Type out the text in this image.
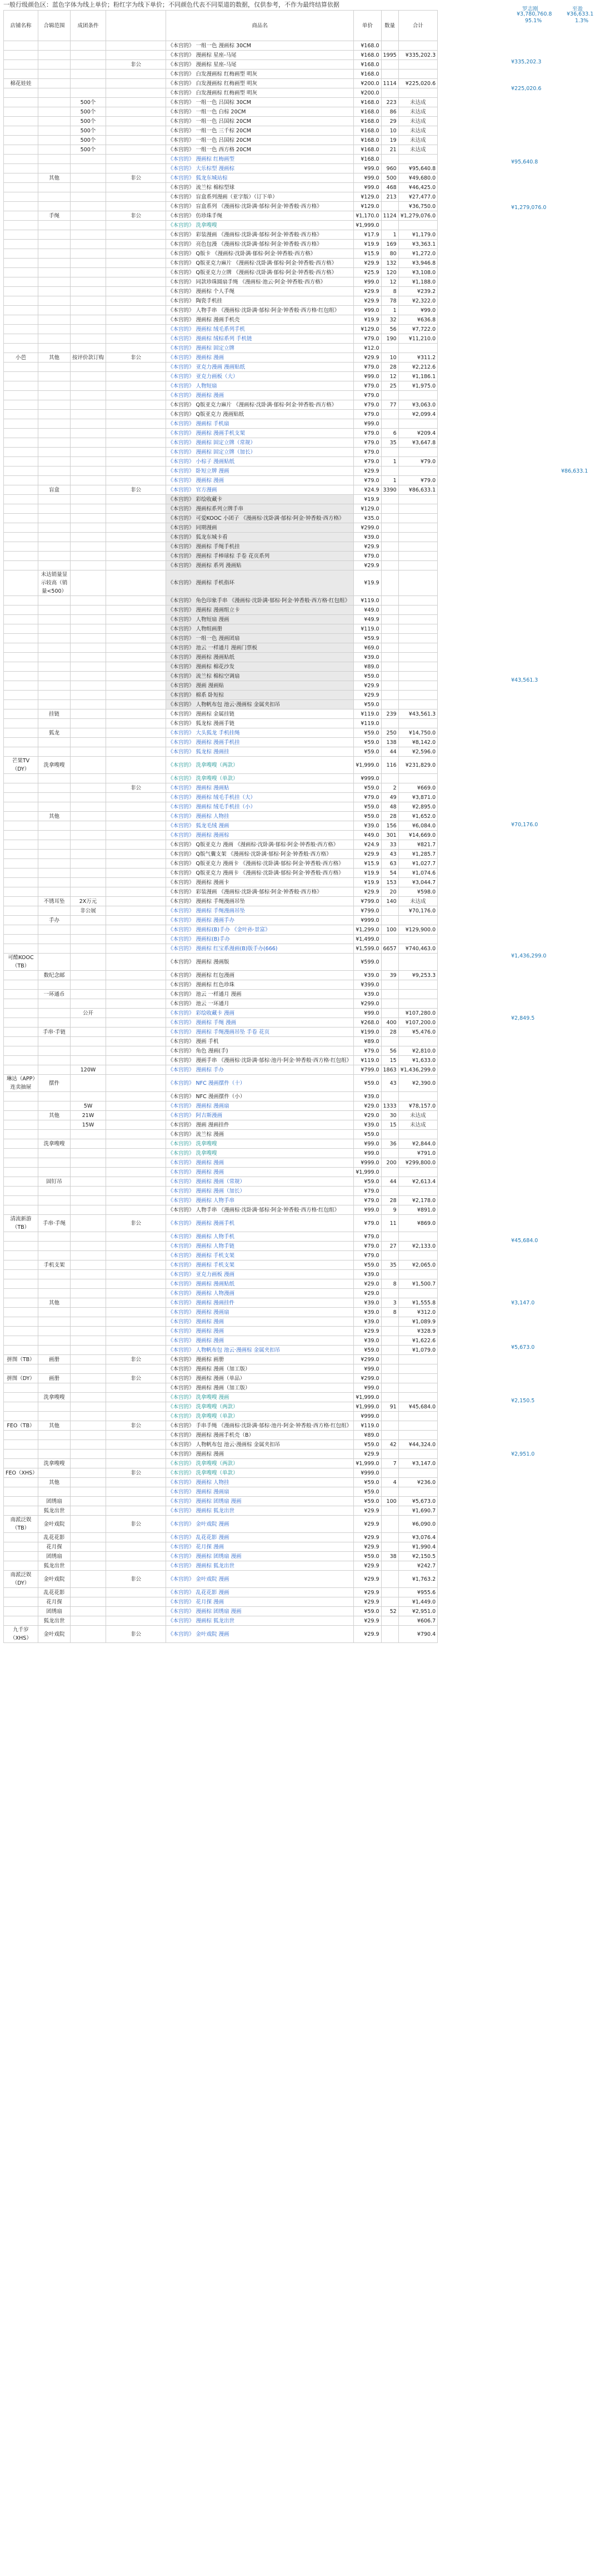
一般行级颜色区：蓝色字体为线上单价；粉红字为线下单价；不同颜色代表不同渠道的数据，仅供参考，不作为最终结算依据
店铺名称	合辑范围	成团条件		商品名	单价	数量	合计
				《本宫的》 一组一色 漫画棕 30CM	¥168.0		
				《本宫的》 漫画棕 星座-马尾	¥168.0	1995	¥335,202.3
			非公	《本宫的》 漫画棕 星座-马尾	¥168.0		
				《本宫的》 白发漫画棕 红梅画型 明灰	¥168.0		
棉花娃娃				《本宫的》 白发漫画棕 红梅画型 明灰	¥200.0	1114	¥225,020.6
				《本宫的》 白发漫画棕 红梅画型 明灰	¥200.0		
		500个		《本宫的》 一组一色 吕国棕 30CM	¥168.0	223	未达成
		500个		《本宫的》 一组一色 白棕 20CM	¥168.0	86	未达成
		500个		《本宫的》 一组一色 吕国棕 20CM	¥168.0	29	未达成
		500个		《本宫的》 一组一色 三千棕 20CM	¥168.0	10	未达成
		500个		《本宫的》 一组一色 吕国棕 20CM	¥168.0	19	未达成
		500个		《本宫的》 一组一色 西方格 20CM	¥168.0	21	未达成
				《本宫的》 漫画棕 红梅画型	¥168.0		
				《本宫的》 大乐棕型 漫画棕	¥99.0	960	¥95,640.8
	其他		非公	《本宫的》 狐龙东城站棕	¥99.0	500	¥49,680.0
				《本宫的》 流兰棕 棉棕型球	¥99.0	468	¥46,425.0
				《本宫的》 盲盒系列漫画（亚字版）（订下单）	¥129.0	213	¥27,477.0
				《本宫的》 盲盒系列 《漫画棕·沈卧满·郁棕·阿金·钟香般·西方格》	¥129.0		¥36,750.0
	手绳		非公	《本宫的》 仿珍珠手绳	¥1,170.0	1124	¥1,279,076.0
				《本宫的》 洗拿嗖嗖	¥1,999.0		
				《本宫的》 彩装漫画 《漫画棕·沈卧满·郁棕·阿金·钟香般·西方格》	¥17.9	1	¥1,179.0
				《本宫的》 亮色包漫 《漫画棕·沈卧满·郁棕·阿金·钟香般·西方格》	¥19.9	169	¥3,363.1
				《本宫的》 Q版卡 《漫画棕·沈卧满·郁棕·阿金·钟香般·西方格》	¥15.9	80	¥1,272.0
				《本宫的》 Q版亚克力麻片 《漫画棕·沈卧满·郁棕·阿金·钟香般·西方格》	¥29.9	132	¥3,946.8
				《本宫的》 Q版亚克力立牌 《漫画棕·沈卧满·郁棕·阿金·钟香般·西方格》	¥25.9	120	¥3,108.0
				《本宫的》 同款珍珠圆扇手绳 《漫画棕·池云·阿金·钟香般·西方格》	¥99.0	12	¥1,188.0
				《本宫的》 漫画棕 个人手绳	¥29.9	8	¥239.2
				《本宫的》 陶瓷手机挂	¥29.9	78	¥2,322.0
				《本宫的》 人物手串 《漫画棕·沈卧满·郁棕·阿金·钟香般·西方格·红包组》	¥99.0	1	¥99.0
				《本宫的》 漫画棕 漫画手机壳	¥19.9	32	¥636.8
				《本宫的》 漫画棕 绒毛系列手机	¥129.0	56	¥7,722.0
				《本宫的》 漫画棕 绒棕系列 手机链	¥79.0	190	¥11,210.0
				《本宫的》 漫画棕 固定立牌	¥12.0		
小芭	其他	按评价款订购	非公	《本宫的》 漫画棕 漫画	¥29.9	10	¥311.2
				《本宫的》 亚克力漫画 漫画贴纸	¥79.0	28	¥2,212.6
				《本宫的》 亚克力画板（大）	¥99.0	12	¥1,186.1
				《本宫的》 人物短扇	¥79.0	25	¥1,975.0
				《本宫的》 漫画棕 漫画	¥79.0		
				《本宫的》 Q版亚克力麻片 《漫画棕·沈卧满·郁棕·阿金·钟香般·西方格》	¥79.0	77	¥3,063.0
				《本宫的》 Q版亚克力 漫画贴纸	¥79.0		¥2,099.4
				《本宫的》 漫画棕 手机扇	¥99.0		
				《本宫的》 漫画棕 漫画手机支架	¥79.0	6	¥209.4
				《本宫的》 漫画棕 固定立牌（常规）	¥79.0	35	¥3,647.8
				《本宫的》 漫画棕 固定立牌（加长）	¥79.0		
				《本宫的》 小棕子 漫画贴纸	¥79.0	1	¥79.0
				《本宫的》 卧短立牌 漫画	¥29.9		
				《本宫的》 漫画棕 漫画	¥79.0	1	¥79.0
	盲盒		非公	《本宫的》 官方漫画	¥24.9	3390	¥86,633.1
				《本宫的》 彩绘收藏卡	¥19.9		
				《本宫的》 漫画棕系列立牌手串	¥129.0		
				《本宫的》 可爱KOOC 小团子 《漫画棕·沈卧满·郁棕·阿金·钟香般·西方格》	¥35.0		
				《本宫的》 同期漫画	¥299.0		
				《本宫的》 狐龙东城卡看	¥39.0		
				《本宫的》 漫画棕 手绳手机挂	¥29.9		
				《本宫的》 漫画棕 手棒球棕 手卷 花页系列	¥79.0		
				《本宫的》 漫画棕 系列 漫画贴	¥29.9		
	未达销量显示较高（销量<500）			《本宫的》 漫画棕 手机指环	¥19.9		
				《本宫的》 角色印象手串 《漫画棕·沈卧满·郁棕·阿金·钟香般·西方格·红包组》	¥119.0		
				《本宫的》 漫画棕 漫画组立卡	¥49.0		
				《本宫的》 人物短扇 漫画	¥49.9		
				《本宫的》 人物组画册	¥119.0		
				《本宫的》 一组一色 漫画团扇	¥59.9		
				《本宫的》 池云 一样通月 漫画门票板	¥69.0		
				《本宫的》 漫画棕 漫画贴纸	¥39.0		
				《本宫的》 漫画棕 棉花沙发	¥89.0		
				《本宫的》 流兰棕 棉棕空调扇	¥59.0		
				《本宫的》 漫画 漫画贴	¥29.9		
				《本宫的》 棉系 卧短棕	¥29.9		
				《本宫的》 人物帆布包 池云·漫画棕 金属夹扣吊	¥59.0		
	挂链			《本宫的》 漫画棕 金属挂链	¥119.0	239	¥43,561.3
				《本宫的》 狐龙棕 漫画手链	¥119.0		
	狐龙			《本宫的》 大头狐龙 手机挂绳	¥59.0	250	¥14,750.0
				《本宫的》 漫画棕 漫画手机挂	¥59.0	138	¥8,142.0
				《本宫的》 狐龙棕 漫画挂	¥59.0	44	¥2,596.0
芒果TV（DY）	洗拿嗖嗖			《本宫的》 洗拿嗖嗖（两款）	¥1,999.0	116	¥231,829.0
				《本宫的》 洗拿嗖嗖（单款）	¥999.0		
			非公	《本宫的》 漫画棕 漫画贴	¥59.0	2	¥669.0
				《本宫的》 漫画棕 绒毛手机挂（大）	¥79.0	49	¥3,871.0
				《本宫的》 漫画棕 绒毛手机挂（小）	¥59.0	48	¥2,895.0
	其他			《本宫的》 漫画棕 人物挂	¥59.0	28	¥1,652.0
				《本宫的》 狐龙毛绒 漫画	¥39.0	156	¥6,084.0
				《本宫的》 漫画棕 漫画棕	¥49.0	301	¥14,669.0
				《本宫的》 Q版亚克力 漫画 《漫画棕·沈卧满·郁棕·阿金·钟香般·西方格》	¥24.9	33	¥821.7
				《本宫的》 Q版气囊支架 《漫画棕·沈卧满·郁棕·阿金·钟香般·西方格》	¥29.9	43	¥1,285.7
				《本宫的》 Q版亚克力 漫画卡 《漫画棕·沈卧满·郁棕·阿金·钟香般·西方格》	¥15.9	63	¥1,027.7
				《本宫的》 Q版亚克力 漫画卡 《漫画棕·沈卧满·郁棕·阿金·钟香般·西方格》	¥19.9	54	¥1,074.6
				《本宫的》 漫画棕 漫画卡	¥19.9	153	¥3,044.7
				《本宫的》 彩装漫画 《漫画棕·沈卧满·郁棕·阿金·钟香般·西方格》	¥29.9	20	¥598.0
	不锈耳坠	2X万元		《本宫的》 漫画棕 手绳漫画吊坠	¥799.0	140	未达成
		非公展		《本宫的》 漫画棕 手绳漫画吊坠	¥799.0		¥70,176.0
	手办			《本宫的》 漫画棕 漫画手办	¥999.0		
				《本宫的》 漫画棕(B)手办 《金叶孙·景富》	¥1,299.0	100	¥129,900.0
				《本宫的》 漫画棕(B)手办	¥1,499.0		
				《本宫的》 漫画棕 红宝系漫画(B)版手办(666)	¥1,599.0	6657	¥740,463.0
可酷KOOC（TB）				《本宫的》 漫画棕 漫画版	¥599.0		
	数纪念邮			《本宫的》 漫画棕 红包漫画	¥39.0	39	¥9,253.3
				《本宫的》 漫画棕 红色珍珠	¥399.0		
	一环通币			《本宫的》 池云 一样通月 漫画	¥39.0		
				《本宫的》 池云 一环通月	¥299.0		
		公开		《本宫的》 彩绘收藏卡 漫画	¥99.0		¥107,280.0
				《本宫的》 漫画棕 手绳 漫画	¥268.0	400	¥107,200.0
	手串·手链			《本宫的》 漫画棕 手绳漫画吊坠 手卷 花页	¥199.0	28	¥5,476.0
				《本宫的》 漫画 手机	¥89.0		
				《本宫的》 角色 漫画(手)	¥79.0	56	¥2,810.0
				《本宫的》 漫画手串 《漫画棕·沈卧满·郁棕·池丹·阿金·钟香般·西方格·红包组》	¥119.0	15	¥1,633.0
		120W		《本宫的》 漫画棕 手办	¥799.0	1863	¥1,436,299.0
琳达（APP）连卖抽屉	摆件			《本宫的》 NFC 漫画摆件（十）	¥59.0	43	¥2,390.0
				《本宫的》 NFC 漫画摆件（小）	¥39.0		
		5W		《本宫的》 漫画棕 漫画扇	¥29.0	1333	¥78,157.0
	其他	21W		《本宫的》 阿吉斯漫画	¥29.0	30	未达成
		15W		《本宫的》 漫画 漫画挂件	¥39.0	15	未达成
				《本宫的》 流兰棕 漫画	¥59.0		
	洗拿嗖嗖			《本宫的》 洗拿嗖嗖	¥99.0	36	¥2,844.0
				《本宫的》 洗拿嗖嗖	¥99.0		¥791.0
				《本宫的》 漫画棕 漫画	¥999.0	200	¥299,800.0
				《本宫的》 漫画棕 漫画	¥1,999.0		
	固钉吊			《本宫的》 漫画棕 漫画（常规）	¥59.0	44	¥2,613.4
				《本宫的》 漫画棕 漫画（加长）	¥79.0		
				《本宫的》 漫画棕 人物手串	¥79.0	28	¥2,178.0
				《本宫的》 人物手串 《漫画棕·沈卧满·郁棕·阿金·钟香般·西方格·红包组》	¥99.0	9	¥891.0
清流新游（TB）	手串·手绳		非公	《本宫的》 漫画棕 漫画手机	¥79.0	11	¥869.0
				《本宫的》 漫画棕 人物手机	¥79.0		
				《本宫的》 漫画棕 人物手链	¥79.0	27	¥2,133.0
				《本宫的》 漫画棕 手机支架	¥79.0		
	手机支架			《本宫的》 漫画棕 手机支架	¥59.0	35	¥2,065.0
				《本宫的》 亚克力画板 漫画	¥39.0		
				《本宫的》 漫画棕 漫画贴纸	¥29.0	8	¥1,500.7
				《本宫的》 漫画棕 人物漫画	¥29.0		
	其他			《本宫的》 漫画棕 漫画挂件	¥39.0	3	¥1,555.8
				《本宫的》 漫画棕 漫画扇	¥39.0	8	¥312.0
				《本宫的》 漫画棕 漫画	¥39.0		¥1,089.9
				《本宫的》 漫画棕 漫画	¥29.9		¥328.9
				《本宫的》 漫画棕 漫画	¥39.0		¥1,622.6
				《本宫的》 人物帆布包 池云·漫画棕 金属夹扣吊	¥59.0		¥1,079.0
拼图（TB）	画册		非公	《本宫的》 漫画棕 画册	¥299.0		
				《本宫的》 漫画棕 漫画（加工版）	¥99.0		
拼图（DY）	画册		非公	《本宫的》 漫画棕 漫画（单品）	¥299.0		
				《本宫的》 漫画棕 漫画（加工版）	¥99.0		
	洗拿嗖嗖			《本宫的》 洗拿嗖嗖 漫画	¥1,999.0		
				《本宫的》 洗拿嗖嗖（两款）	¥1,999.0	91	¥45,684.0
				《本宫的》 洗拿嗖嗖（单款）	¥999.0		
FEO（TB）	其他		非公	《本宫的》 手串手绳 《漫画棕·沈卧满·郁棕·池丹·阿金·钟香般·西方格·红包组》	¥119.0		
				《本宫的》 漫画棕 漫画手机壳（B）	¥89.0		
				《本宫的》 人物帆布包 池云·漫画棕 金属夹扣吊	¥59.0	42	¥44,324.0
				《本宫的》 漫画棕 漫画	¥29.9		
	洗拿嗖嗖			《本宫的》 洗拿嗖嗖（两款）	¥1,999.0	7	¥3,147.0
FEO（XHS）			非公	《本宫的》 洗拿嗖嗖（单款）	¥999.0		
	其他			《本宫的》 漫画棕 人物挂	¥59.0	4	¥236.0
				《本宫的》 漫画棕 漫画扇	¥59.0		
	团绣扇			《本宫的》 漫画棕 团绣扇 漫画	¥59.0	100	¥5,673.0
	狐龙出世			《本宫的》 漫画棕 狐龙出世	¥29.9		¥1,690.7
南派泛娱（TB）	金叶戏院		非公	《本宫的》 金叶戏院 漫画	¥29.9		¥6,090.0
	乱花花影			《本宫的》 乱花花影 漫画	¥29.9		¥3,076.4
	花月探			《本宫的》 花月探 漫画	¥29.9		¥1,990.4
	团绣扇			《本宫的》 漫画棕 团绣扇 漫画	¥59.0	38	¥2,150.5
	狐龙出世			《本宫的》 漫画棕 狐龙出世	¥29.9		¥242.7
南派泛娱（DY）	金叶戏院		非公	《本宫的》 金叶戏院 漫画	¥29.9		¥1,763.2
	乱花花影			《本宫的》 乱花花影 漫画	¥29.9		¥955.6
	花月探			《本宫的》 花月探 漫画	¥29.9		¥1,449.0
	团绣扇			《本宫的》 漫画棕 团绣扇 漫画	¥59.0	52	¥2,951.0
	狐龙出世			《本宫的》 漫画棕 狐龙出世	¥29.9		¥606.7
九千岁（XHS）	金叶戏院		非公	《本宫的》 金叶戏院 漫画	¥29.9		¥790.4
罗志刚	至盈
¥3,780,760.8	¥36,633.1
95.1%	1.3%
¥335,202.3
¥225,020.6
¥95,640.8
¥1,279,076.0
¥86,633.1
¥43,561.3
¥70,176.0
¥1,436,299.0
¥2,849.5
¥45,684.0
¥3,147.0
¥5,673.0
¥2,150.5
¥2,951.0
